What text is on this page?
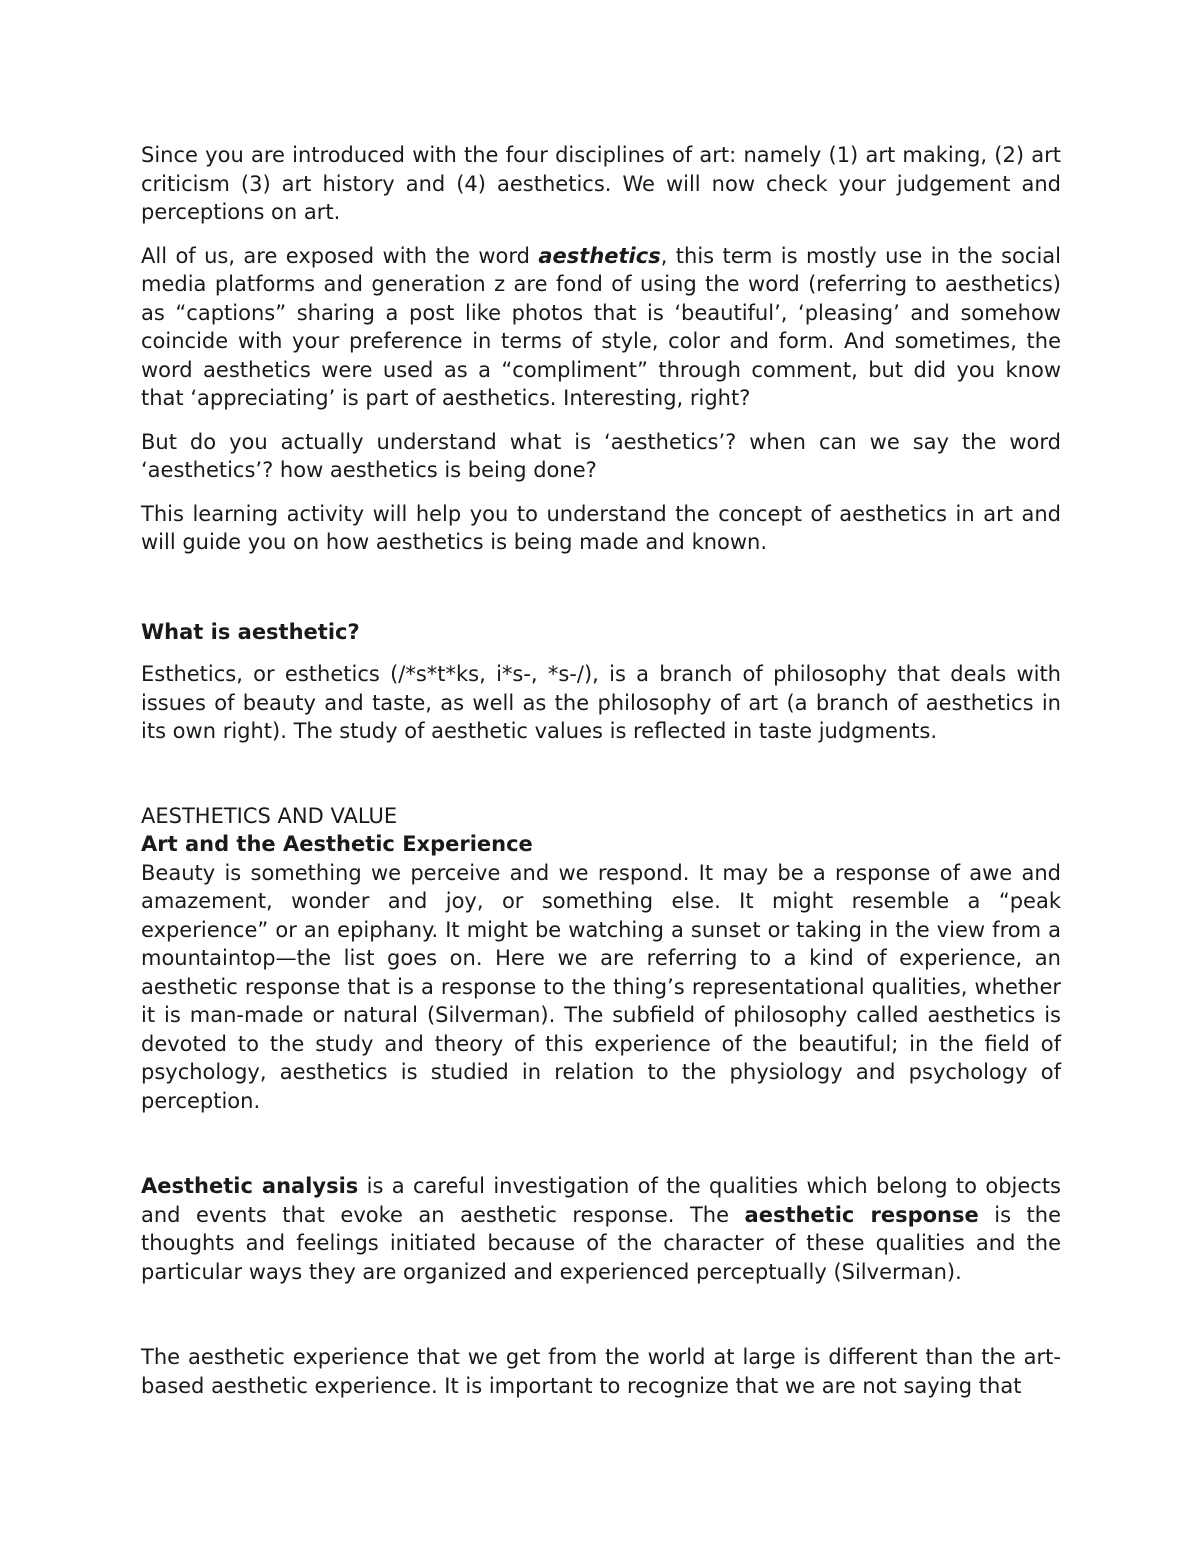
Since you are introduced with the four disciplines of art: namely (1) art making, (2) art criticism (3) art history and (4) aesthetics. We will now check your judgement and perceptions on art.

All of us, are exposed with the word aesthetics, this term is mostly use in the social media platforms and generation z are fond of using the word (referring to aesthetics) as “captions” sharing a post like photos that is ‘beautiful’, ‘pleasing’ and somehow coincide with your preference in terms of style, color and form. And sometimes, the word aesthetics were used as a “compliment” through comment, but did you know that ‘appreciating’ is part of aesthetics. Interesting, right?

But do you actually understand what is ‘aesthetics’? when can we say the word ‘aesthetics’? how aesthetics is being done?

This learning activity will help you to understand the concept of aesthetics in art and will guide you on how aesthetics is being made and known.

What is aesthetic?

Esthetics, or esthetics (/*s*t*ks, i*s-, *s-/), is a branch of philosophy that deals with issues of beauty and taste, as well as the philosophy of art (a branch of aesthetics in its own right). The study of aesthetic values is reflected in taste judgments.

AESTHETICS AND VALUE

Art and the Aesthetic Experience

Beauty is something we perceive and we respond. It may be a response of awe and amazement, wonder and joy, or something else. It might resemble a “peak experience” or an epiphany. It might be watching a sunset or taking in the view from a mountaintop—the list goes on. Here we are referring to a kind of experience, an aesthetic response that is a response to the thing’s representational qualities, whether it is man-made or natural (Silverman). The subfield of philosophy called aesthetics is devoted to the study and theory of this experience of the beautiful; in the field of psychology, aesthetics is studied in relation to the physiology and psychology of perception.

Aesthetic analysis is a careful investigation of the qualities which belong to objects and events that evoke an aesthetic response. The aesthetic response is the thoughts and feelings initiated because of the character of these qualities and the particular ways they are organized and experienced perceptually (Silverman).

The aesthetic experience that we get from the world at large is different than the art-based aesthetic experience. It is important to recognize that we are not saying that
